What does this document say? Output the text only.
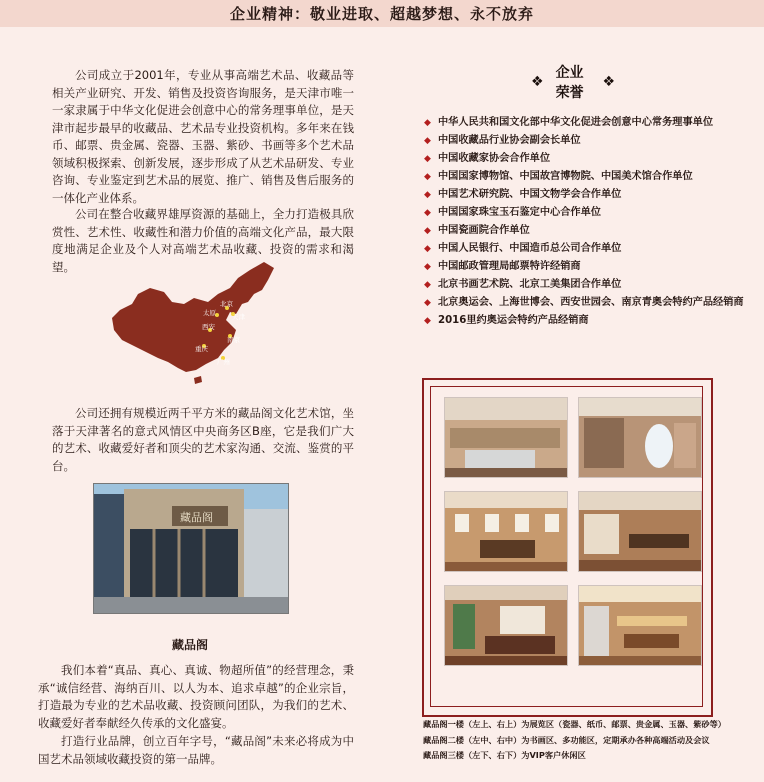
企业精神：敬业进取、超越梦想、永不放弃

公司成立于2001年，专业从事高端艺术品、收藏品等相关产业研究、开发、销售及投资咨询服务，是天津市唯一一家隶属于中华文化促进会创意中心的常务理事单位，是天津市起步最早的收藏品、艺术品专业投资机构。多年来在钱币、邮票、贵金属、瓷器、玉器、紫砂、书画等多个艺术品领域积极探索、创新发展，逐步形成了从艺术品研发、专业咨询、专业鉴定到艺术品的展览、推广、销售及售后服务的一体化产业体系。

公司在整合收藏界雄厚资源的基础上，全力打造极具欣赏性、艺术性、收藏性和潜力价值的高端文化产品，最大限度地满足企业及个人对高端艺术品收藏、投资的需求和渴望。

北京
天津
太原
西安
南京
重庆
广州

公司还拥有规模近两千平方米的藏品阁文化艺术馆，坐落于天津著名的意式风情区中央商务区B座，它是我们广大的艺术、收藏爱好者和顶尖的艺术家沟通、交流、鉴赏的平台。

藏品阁
藏品阁

我们本着“真品、真心、真诚、物超所值”的经营理念，秉承“诚信经营、海纳百川、以人为本、追求卓越”的企业宗旨，打造最为专业的艺术品收藏、投资顾问团队，为我们的艺术、收藏爱好者奉献经久传承的文化盛宴。

打造行业品牌，创立百年字号，“藏品阁”未来必将成为中国艺术品领域收藏投资的第一品牌。

❖
企业荣誉
❖
◆ 中华人民共和国文化部中华文化促进会创意中心常务理事单位
◆ 中国收藏品行业协会副会长单位
◆ 中国收藏家协会合作单位
◆ 中国国家博物馆、中国故宫博物院、中国美术馆合作单位
◆ 中国艺术研究院、中国文物学会合作单位
◆ 中国国家珠宝玉石鉴定中心合作单位
◆ 中国瓷画院合作单位
◆ 中国人民银行、中国造币总公司合作单位
◆ 中国邮政管理局邮票特许经销商
◆ 北京书画艺术院、北京工美集团合作单位
◆ 北京奥运会、上海世博会、西安世园会、南京青奥会特约产品经销商
◆ 2016里约奥运会特约产品经销商
藏品阁一楼（左上、右上）为展览区（瓷器、纸币、邮票、贵金属、玉器、紫砂等）
藏品阁二楼（左中、右中）为书画区、多功能区，定期承办各种高端活动及会议
藏品阁三楼（左下、右下）为VIP客户休闲区
